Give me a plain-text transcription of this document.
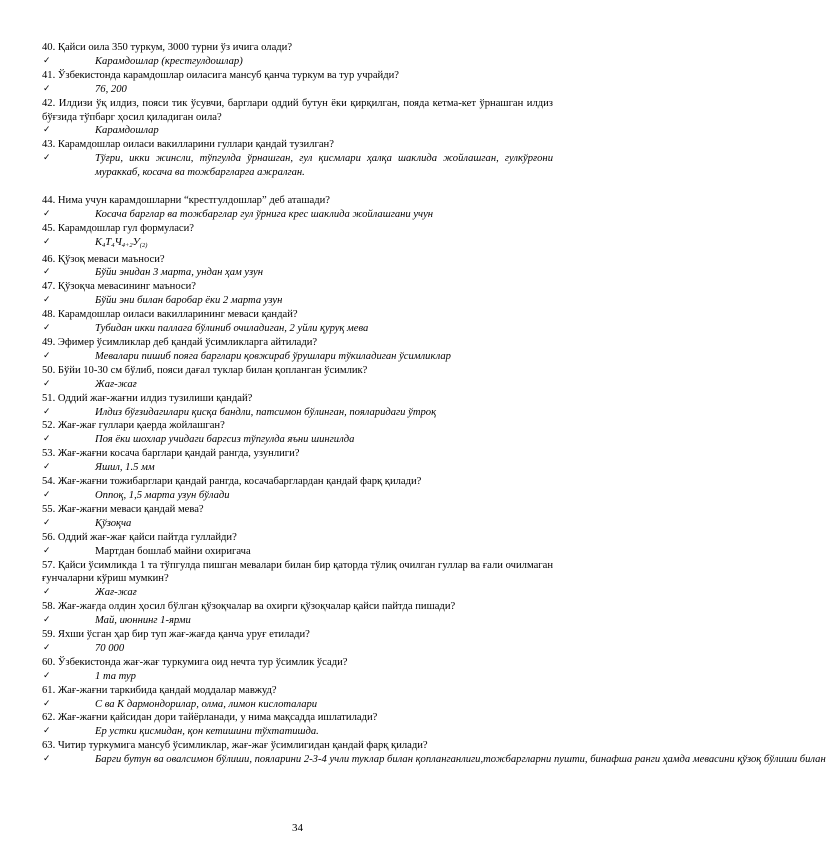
40. Қайси оила 350 туркум, 3000 турни ўз ичига олади?
✓	Карамдошлар (крестгулдошлар)
41. Ўзбекистонда карамдошлар оиласига мансуб қанча туркум ва тур учрайди?
✓	76, 200
42. Илдизи ўқ илдиз, пояси тик ўсувчи, барглари оддий бутун ёки қирқилган, пояда кетма-кет ўрнашган илдиз бўғзида тўпбарг ҳосил қиладиган оила?
✓	Карамдошлар
43. Карамдошлар оиласи вакилларини гуллари қандай тузилган?
✓	Тўғри, икки жинсли, тўпгулда ўрнашган, гул қисмлари ҳалқа шаклида жойлашган, гулкўрғони мураккаб, косача ва тожбаргларга ажралган.
44. Нима учун карамдошларни “крестгулдошлар” деб аташади?
✓	Косача барглар ва тожбарглар гул ўрнига крес шаклида жойлашгани учун
45. Карамдошлар гул формуласи?
✓	$К_4Т_4Ч_{4+2}У_{(2)}$
46. Қўзоқ меваси маъноси?
✓	Бўйи энидан 3 марта, ундан ҳам узун
47. Қўзоқча мевасининг маъноси?
✓	Бўйи эни билан баробар ёки 2 марта узун
48. Карамдошлар оиласи вакилларининг меваси қандай?
✓	Тубидан икки паллага бўлиниб очиладиган, 2 уйли қуруқ мева
49. Эфимер ўсимликлар деб қандай ўсимликларга айтилади?
✓	Мевалари пишиб пояга барглари қовжираб ўрушлари тўкиладиган ўсимликлар
50. Бўйи 10-30 см бўлиб, пояси дағал туклар билан қопланган ўсимлик?
✓	Жағ-жағ
51. Оддий жағ-жағни илдиз тузилиши қандай?
✓	Илдиз бўғзидагилари қисқа бандли, патсимон бўлинган, пояларидаги ўтроқ
52. Жағ-жағ гуллари қаерда жойлашган?
✓	Поя ёки шохлар учидаги баргсиз тўпгулда яъни шингилда
53. Жағ-жағни косача барглари қандай рангда, узунлиги?
✓	Яшил, 1.5 мм
54. Жағ-жағни тожибарглари қандай рангда, косачабарглардан қандай фарқ қилади?
✓	Оппоқ, 1,5 марта узун бўлади
55. Жағ-жағни меваси қандай мева?
✓	Қўзоқча
56. Оддий жағ-жағ қайси пайтда гуллайди?
✓	Мартдан бошлаб майни охиригача
57. Қайси ўсимликда 1 та тўпгулда пишган мевалари билан бир қаторда тўлиқ очилган гуллар ва ғали очилмаган ғунчаларни кўриш мумкин?
✓	Жағ-жағ
58. Жағ-жағда олдин ҳосил бўлган қўзоқчалар ва охирги қўзоқчалар қайси пайтда пишади?
✓	Май, июннинг 1-ярми
59. Яхши ўсган ҳар бир туп жағ-жағда қанча уруғ етилади?
✓	70 000
60. Ўзбекистонда жағ-жағ туркумига оид нечта тур ўсимлик ўсади?
✓	1 та тур
61. Жағ-жағни таркибида қандай моддалар мавжуд?
✓	С ва К дармондорилар, олма, лимон кислоталари
62. Жағ-жағни қайсидан дори тайёрланади, у нима мақсадда ишлатилади?
✓	Ер устки қисмидан, қон кетишини тўхтатишда.
63. Читир туркумига мансуб ўсимликлар, жағ-жағ ўсимлигидан қандай фарқ қилади?
✓	Барги бутун ва овалсимон бўлиши, пояларини 2-3-4 учли туклар билан қопланганлиги,тожбаргларни пушти, бинафша ранги ҳамда мевасини қўзоқ бўлиши билан
34
